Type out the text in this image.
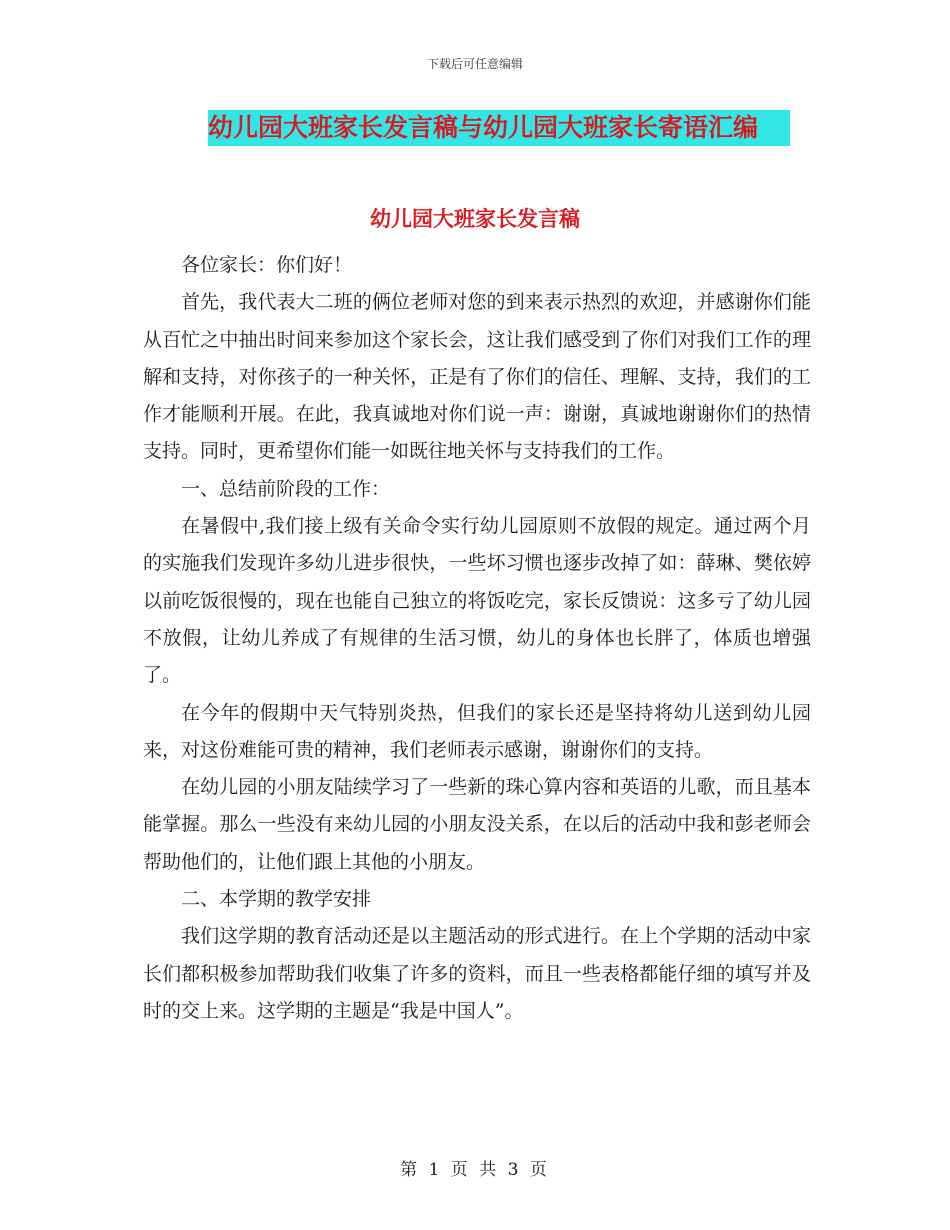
下载后可任意编辑
幼儿园大班家长发言稿与幼儿园大班家长寄语汇编
幼儿园大班家长发言稿

各位家长：你们好！

首先，我代表大二班的俩位老师对您的到来表示热烈的欢迎，并感谢你们能从百忙之中抽出时间来参加这个家长会，这让我们感受到了你们对我们工作的理解和支持，对你孩子的一种关怀，正是有了你们的信任、理解、支持，我们的工作才能顺利开展。在此，我真诚地对你们说一声：谢谢，真诚地谢谢你们的热情支持。同时，更希望你们能一如既往地关怀与支持我们的工作。

一、总结前阶段的工作：

在暑假中,我们接上级有关命令实行幼儿园原则不放假的规定。通过两个月的实施我们发现许多幼儿进步很快，一些坏习惯也逐步改掉了如：薛琳、樊依婷以前吃饭很慢的，现在也能自己独立的将饭吃完，家长反馈说：这多亏了幼儿园不放假，让幼儿养成了有规律的生活习惯，幼儿的身体也长胖了，体质也增强了。

在今年的假期中天气特别炎热，但我们的家长还是坚持将幼儿送到幼儿园来，对这份难能可贵的精神，我们老师表示感谢，谢谢你们的支持。

在幼儿园的小朋友陆续学习了一些新的珠心算内容和英语的儿歌，而且基本能掌握。那么一些没有来幼儿园的小朋友没关系，在以后的活动中我和彭老师会帮助他们的，让他们跟上其他的小朋友。

二、本学期的教学安排

我们这学期的教育活动还是以主题活动的形式进行。在上个学期的活动中家长们都积极参加帮助我们收集了许多的资料，而且一些表格都能仔细的填写并及时的交上来。这学期的主题是“我是中国人”。

第 1 页 共 3 页
